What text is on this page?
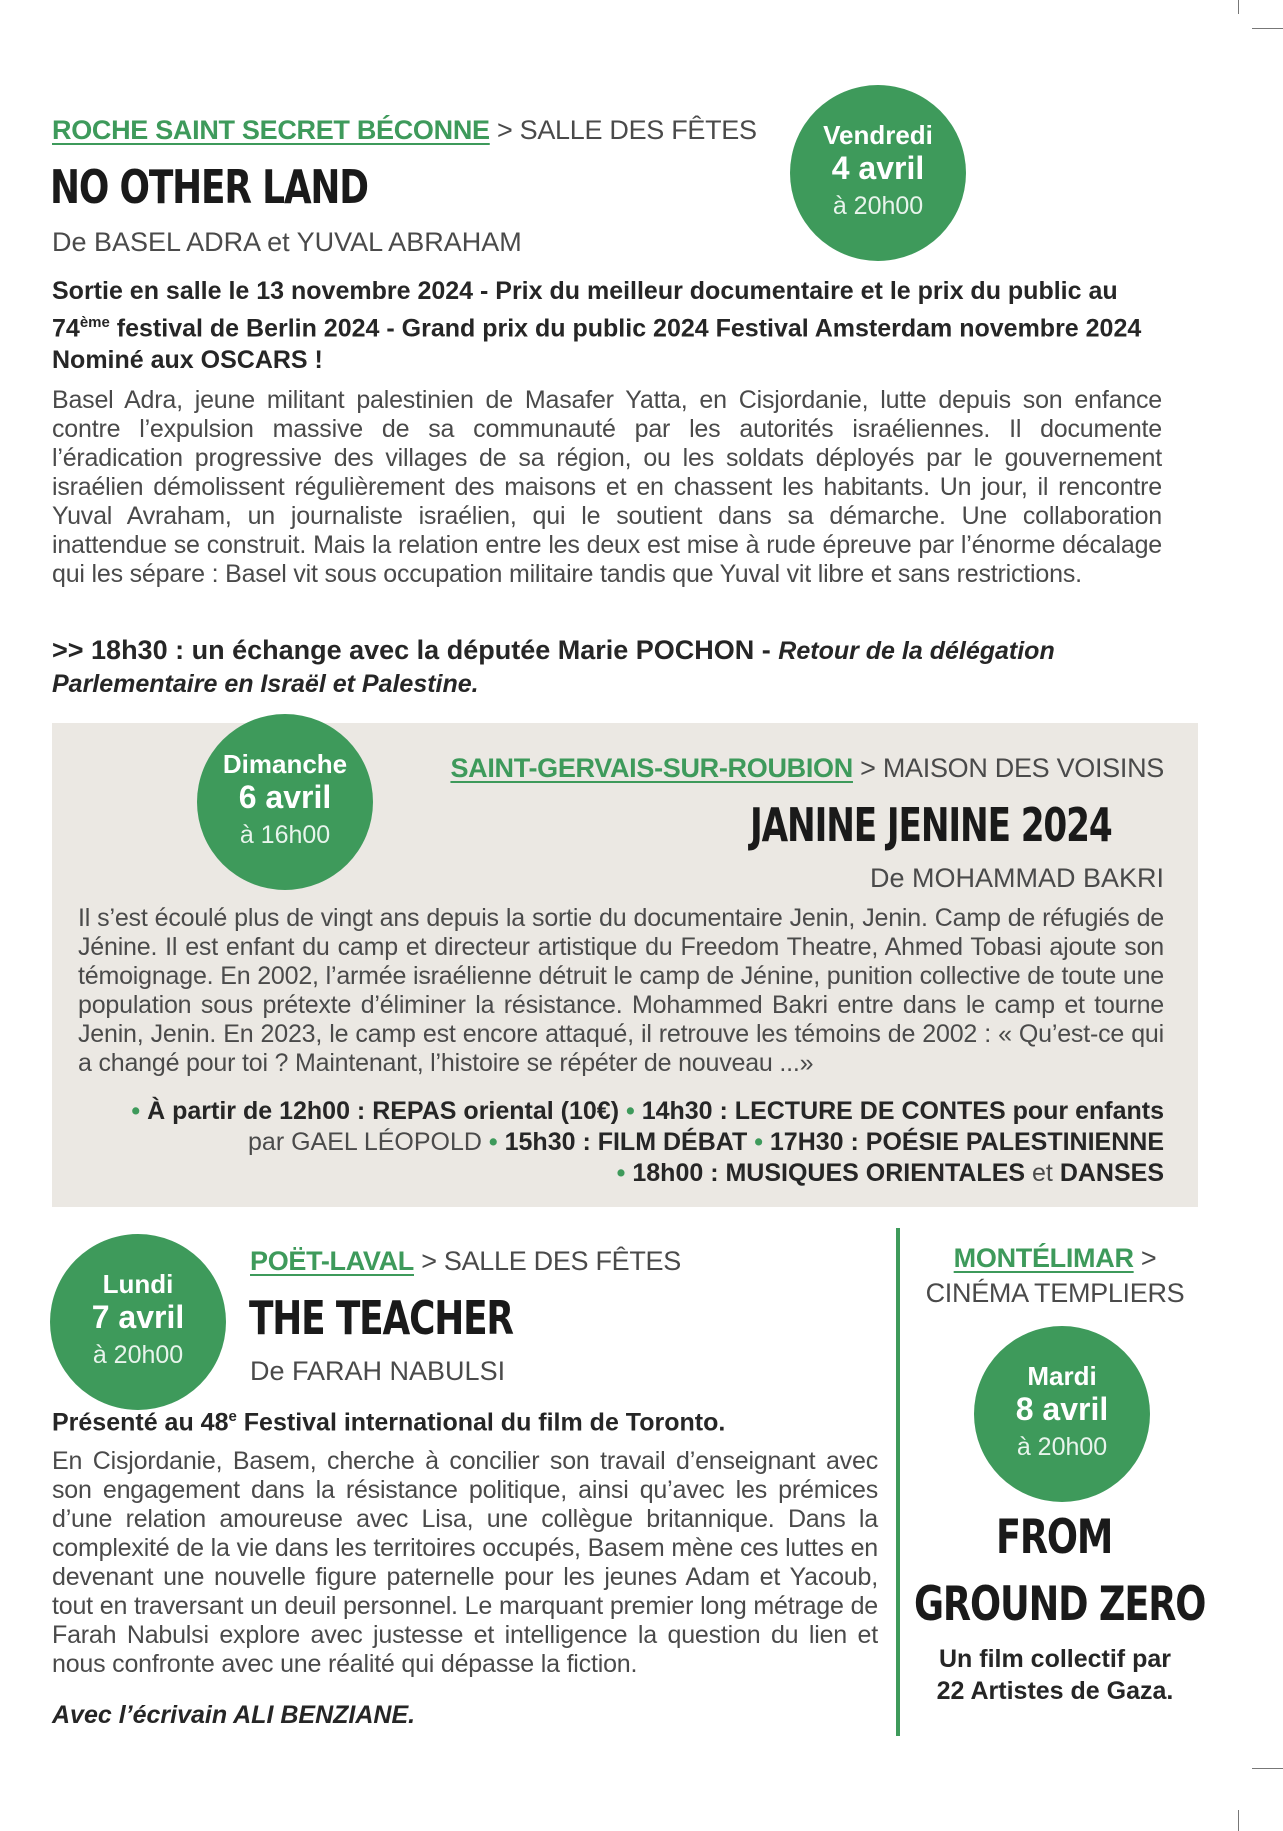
ROCHE SAINT SECRET BÉCONNE > SALLE DES FÊTES
NO OTHER LAND
De BASEL ADRA et YUVAL ABRAHAM
Vendredi
4 avril
à 20h00
Sortie en salle le 13 novembre 2024 - Prix du meilleur documentaire et le prix du public au 74ème festival de Berlin 2024 - Grand prix du public 2024 Festival Amsterdam novembre 2024 Nominé aux OSCARS !
Basel Adra, jeune militant palestinien de Masafer Yatta, en Cisjordanie, lutte depuis son enfance contre l’expulsion massive de sa communauté par les autorités israéliennes. Il documente l’éradication progressive des villages de sa région, ou les soldats déployés par le gouvernement israélien démolissent régulièrement des maisons et en chassent les habitants. Un jour, il rencontre Yuval Avraham, un journaliste israélien, qui le soutient dans sa démarche. Une collaboration inattendue se construit. Mais la relation entre les deux est mise à rude épreuve par l’énorme décalage qui les sépare : Basel vit sous occupation militaire tandis que Yuval vit libre et sans restrictions.
>> 18h30 : un échange avec la députée Marie POCHON - Retour de la délégation Parlementaire en Israël et Palestine.
Dimanche
6 avril
à 16h00
SAINT-GERVAIS-SUR-ROUBION > MAISON DES VOISINS
JANINE JENINE 2024
De MOHAMMAD BAKRI
Il s’est écoulé plus de vingt ans depuis la sortie du documentaire Jenin, Jenin. Camp de réfugiés de Jénine. Il est enfant du camp et directeur artistique du Freedom Theatre, Ahmed Tobasi ajoute son témoignage. En 2002, l’armée israélienne détruit le camp de Jénine, punition collective de toute une population sous prétexte d’éliminer la résistance. Mohammed Bakri entre dans le camp et tourne Jenin, Jenin. En 2023, le camp est encore attaqué, il retrouve les témoins de 2002 : « Qu’est-ce qui a changé pour toi ? Maintenant, l’histoire se répéter de nouveau ...»
• À partir de 12h00 : REPAS oriental (10€) • 14h30 : LECTURE DE CONTES pour enfants
par GAEL LÉOPOLD • 15h30 : FILM DÉBAT • 17H30 : POÉSIE PALESTINIENNE
• 18h00 : MUSIQUES ORIENTALES et DANSES
Lundi
7 avril
à 20h00
POËT-LAVAL > SALLE DES FÊTES
THE TEACHER
De FARAH NABULSI
Présenté au 48e Festival international du film de Toronto.
En Cisjordanie, Basem, cherche à concilier son travail d’enseignant avec son engagement dans la résistance politique, ainsi qu’avec les prémices d’une relation amoureuse avec Lisa, une collègue britannique. Dans la complexité de la vie dans les territoires occupés, Basem mène ces luttes en devenant une nouvelle figure paternelle pour les jeunes Adam et Yacoub, tout en traversant un deuil personnel. Le marquant premier long métrage de Farah Nabulsi explore avec justesse et intelligence la question du lien et nous confronte avec une réalité qui dépasse la fiction.
Avec l’écrivain ALI BENZIANE.
MONTÉLIMAR >
CINÉMA TEMPLIERS
Mardi
8 avril
à 20h00
FROM
GROUND ZERO
Un film collectif par
22 Artistes de Gaza.
